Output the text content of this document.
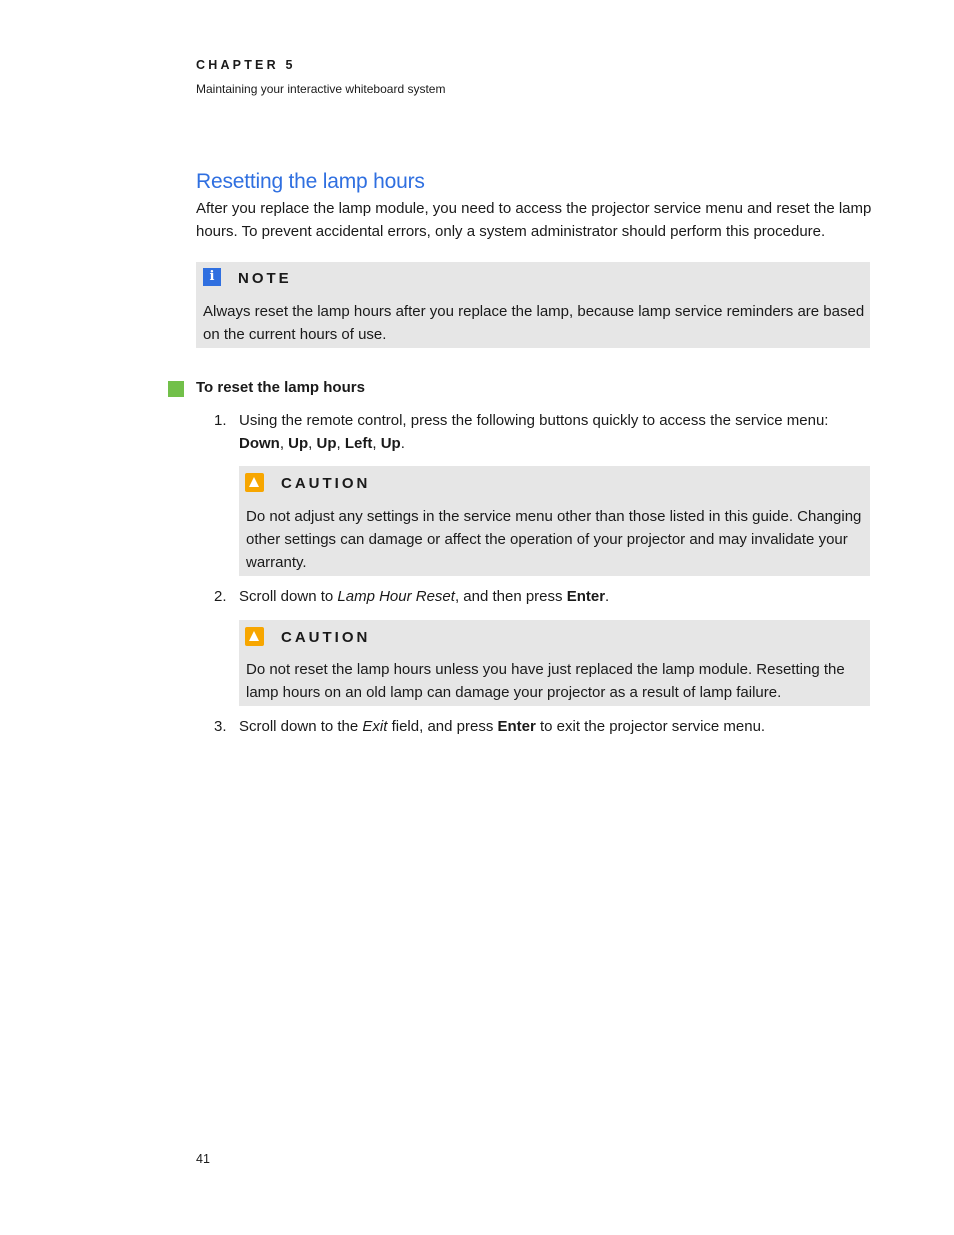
CHAPTER 5
Maintaining your interactive whiteboard system
Resetting the lamp hours
After you replace the lamp module, you need to access the projector service menu and reset the lamp hours. To prevent accidental errors, only a system administrator should perform this procedure.
i	NOTE
Always reset the lamp hours after you replace the lamp, because lamp service reminders are based on the current hours of use.
To reset the lamp hours
1. Using the remote control, press the following buttons quickly to access the service menu:
Down, Up, Up, Left, Up.
CAUTION
Do not adjust any settings in the service menu other than those listed in this guide. Changing other settings can damage or affect the operation of your projector and may invalidate your warranty.
2. Scroll down to Lamp Hour Reset, and then press Enter.
CAUTION
Do not reset the lamp hours unless you have just replaced the lamp module. Resetting the lamp hours on an old lamp can damage your projector as a result of lamp failure.
3. Scroll down to the Exit field, and press Enter to exit the projector service menu.
41
